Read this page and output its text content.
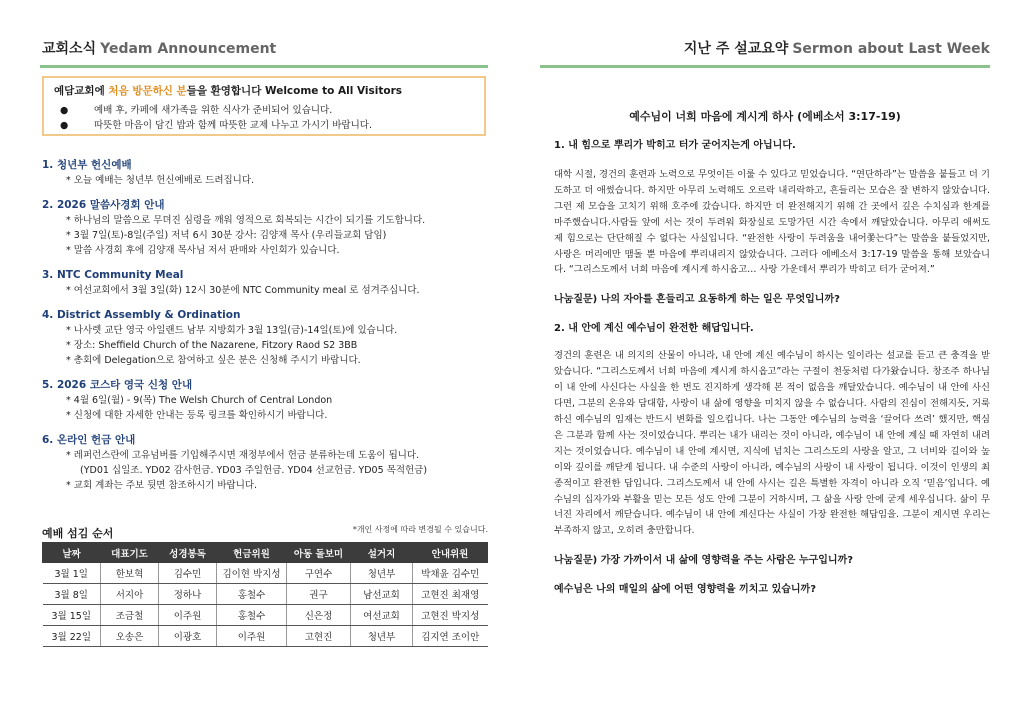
교회소식 Yedam Announcement
예담교회에 처음 방문하신 분들을 환영합니다 Welcome to All Visitors
●	예배 후, 카페에 새가족을 위한 식사가 준비되어 있습니다.
●	따뜻한 마음이 담긴 밥과 함께 따뜻한 교제 나누고 가시기 바랍니다.
1. 청년부 헌신예배
* 오늘 예배는 청년부 헌신예배로 드려집니다.
2. 2026 말씀사경회 안내
* 하나님의 말씀으로 무뎌진 심령을 깨워 영적으로 회복되는 시간이 되기를 기도합니다.
* 3월 7일(토)-8일(주일) 저녁 6시 30분 강사: 김양재 목사 (우리들교회 담임)
* 말씀 사경회 후에 김양재 목사님 저서 판매와 사인회가 있습니다.
3. NTC Community Meal
* 여선교회에서 3월 3일(화) 12시 30분에 NTC Community meal 로 섬겨주십니다.
4. District Assembly & Ordination
* 나사렛 교단 영국 아일랜드 남부 지방회가 3월 13일(금)-14일(토)에 있습니다.
* 장소: Sheffield Church of the Nazarene, Fitzory Raod S2 3BB
* 총회에 Delegation으로 참여하고 싶은 분은 신청해 주시기 바랍니다.
5. 2026 코스타 영국 신청 안내
* 4월 6일(월) - 9(목) The Welsh Church of Central London
* 신청에 대한 자세한 안내는 등록 링크를 확인하시기 바랍니다.
6. 온라인 헌금 안내
* 레퍼런스란에 고유넘버를 기입해주시면 재정부에서 헌금 분류하는데 도움이 됩니다.
(YD01 십일조. YD02 감사헌금. YD03 주일헌금. YD04 선교헌금. YD05 목적헌금)
* 교회 계좌는 주보 뒷면 참조하시기 바랍니다.
예배 섬김 순서	*개인 사정에 따라 변경될 수 있습니다.
날짜	대표기도	성경봉독	헌금위원	아동 돌보미	설거지	안내위원
3월 1일	한보혁	김수민	김이현 박지성	구연수	청년부	박채윤 김수민
3월 8일	서지아	정하나	홍철수	권구	남선교회	고현진 최재영
3월 15일	조금철	이주원	홍철수	신은정	여선교회	고현진 박지성
3월 22일	오송은	이광호	이주원	고현진	청년부	김지연 조이안
지난 주 설교요약 Sermon about Last Week
예수님이 너희 마음에 계시게 하사 (에베소서 3:17-19)
1. 내 힘으로 뿌리가 박히고 터가 굳어지는게 아닙니다.
대학 시절, 경건의 훈련과 노력으로 무엇이든 이룰 수 있다고 믿었습니다. “연단하라”는 말씀을 붙들고 더 기도하고 더 애썼습니다. 하지만 아무리 노력해도 오르락 내리락하고, 흔들리는 모습은 잘 변하지 않았습니다. 그런 제 모습을 고치기 위해 호주에 갔습니다. 하지만 더 완전해지기 위해 간 곳에서 깊은 수치심과 한계를 마주했습니다.사람들 앞에 서는 것이 두려워 화장실로 도망가던 시간 속에서 깨달았습니다. 아무리 애써도 제 힘으로는 단단해질 수 없다는 사실입니다. “완전한 사랑이 두려움을 내어쫓는다”는 말씀을 붙들었지만, 사랑은 머리에만 맴돌 뿐 마음에 뿌리내리지 않았습니다. 그러다 에베소서 3:17-19 말씀을 통해 보았습니다. “그리스도께서 너희 마음에 계시게 하시옵고… 사랑 가운데서 뿌리가 박히고 터가 굳어져.”
나눔질문) 나의 자아를 흔들리고 요동하게 하는 일은 무엇입니까?
2. 내 안에 계신 예수님이 완전한 해답입니다.
경건의 훈련은 내 의지의 산물이 아니라, 내 안에 계신 예수님이 하시는 일이라는 설교를 듣고 큰 충격을 받았습니다. “그리스도께서 너희 마음에 계시게 하시옵고”라는 구절이 천둥처럼 다가왔습니다. 창조주 하나님이 내 안에 사신다는 사실을 한 번도 진지하게 생각해 본 적이 없음을 깨달았습니다. 예수님이 내 안에 사신다면, 그분의 온유와 담대함, 사랑이 내 삶에 영향을 미치지 않을 수 없습니다. 사람의 진심이 전해지듯, 거룩하신 예수님의 임재는 반드시 변화를 일으킵니다. 나는 그동안 예수님의 능력을 ‘끌어다 쓰려’ 했지만, 핵심은 그분과 함께 사는 것이었습니다. 뿌리는 내가 내리는 것이 아니라, 예수님이 내 안에 계실 때 자연히 내려지는 것이었습니다. 예수님이 내 안에 계시면, 지식에 넘치는 그리스도의 사랑을 알고, 그 너비와 길이와 높이와 깊이를 깨닫게 됩니다. 내 수준의 사랑이 아니라, 예수님의 사랑이 내 사랑이 됩니다. 이것이 인생의 최종적이고 완전한 답입니다. 그리스도께서 내 안에 사시는 길은 특별한 자격이 아니라 오직 ‘믿음’입니다. 예수님의 십자가와 부활을 믿는 모든 성도 안에 그분이 거하시며, 그 삶을 사랑 안에 굳게 세우십니다. 삶이 무너진 자리에서 깨닫습니다. 예수님이 내 안에 계신다는 사실이 가장 완전한 해답임을. 그분이 계시면 우리는 부족하지 않고, 오히려 충만합니다.
나눔질문) 가장 가까이서 내 삶에 영향력을 주는 사람은 누구입니까?
예수님은 나의 매일의 삶에 어떤 영향력을 끼치고 있습니까?
